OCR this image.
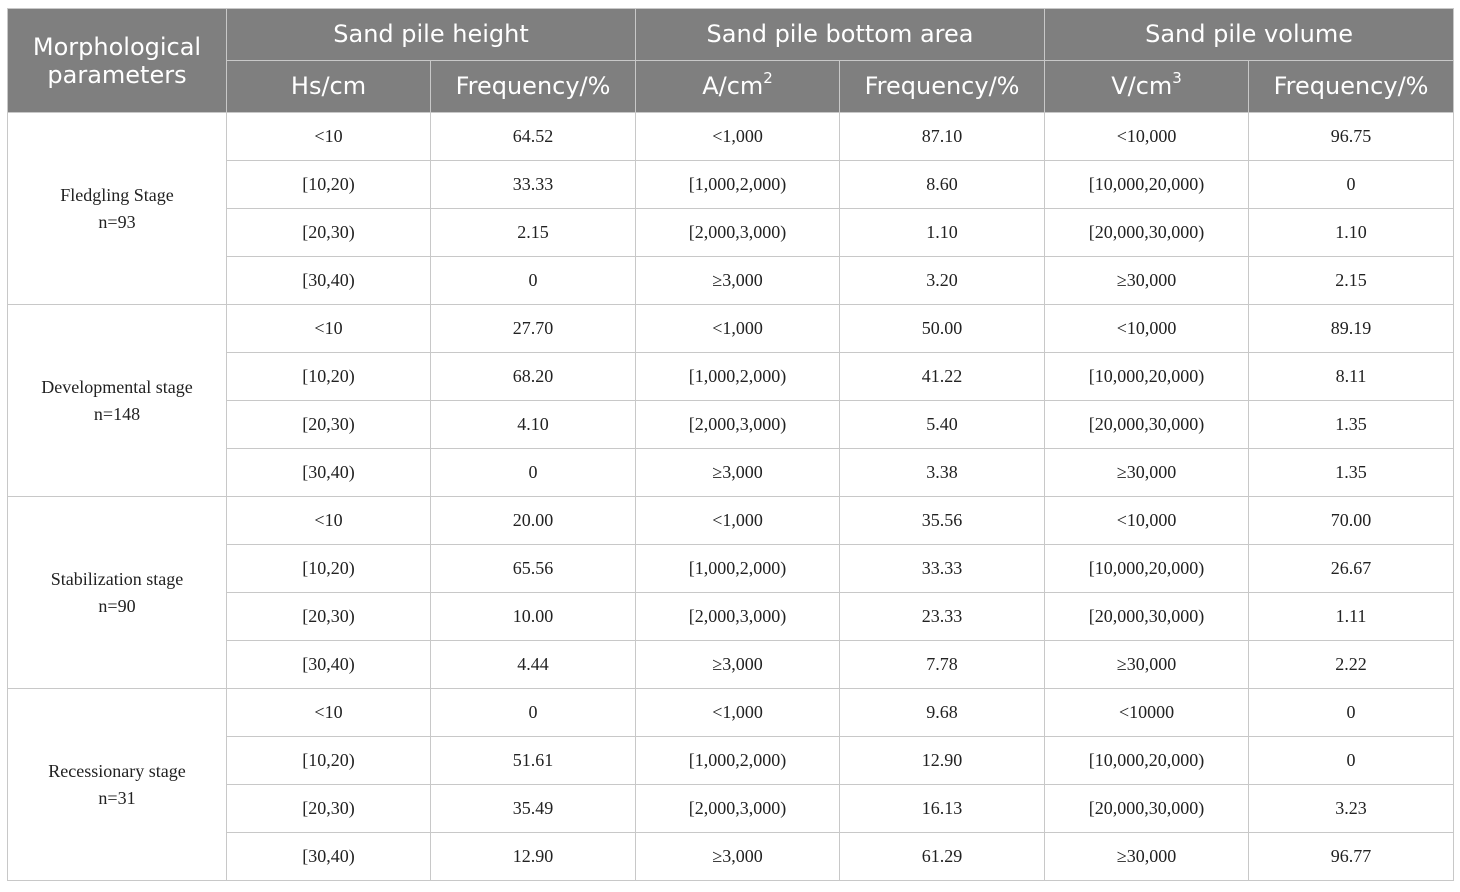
Morphological parameters	Sand pile height		Sand pile bottom area		Sand pile volume	
	Hs/cm	Frequency/%	$A/cm^2$	Frequency/%	$V/cm^3$	Frequency/%

Fledgling Stage
n=93	<10	64.52	<1,000	87.10	<10,000	96.75
	[10,20)	33.33	[1,000,2,000)	8.60	[10,000,20,000)	0
	[20,30)	2.15	[2,000,3,000)	1.10	[20,000,30,000)	1.10
	[30,40)	0	≥3,000	3.20	≥30,000	2.15

Developmental stage
n=148	<10	27.70	<1,000	50.00	<10,000	89.19
	[10,20)	68.20	[1,000,2,000)	41.22	[10,000,20,000)	8.11
	[20,30)	4.10	[2,000,3,000)	5.40	[20,000,30,000)	1.35
	[30,40)	0	≥3,000	3.38	≥30,000	1.35

Stabilization stage
n=90	<10	20.00	<1,000	35.56	<10,000	70.00
	[10,20)	65.56	[1,000,2,000)	33.33	[10,000,20,000)	26.67
	[20,30)	10.00	[2,000,3,000)	23.33	[20,000,30,000)	1.11
	[30,40)	4.44	≥3,000	7.78	≥30,000	2.22

Recessionary stage
n=31	<10	0	<1,000	9.68	<10000	0
	[10,20)	51.61	[1,000,2,000)	12.90	[10,000,20,000)	0
	[20,30)	35.49	[2,000,3,000)	16.13	[20,000,30,000)	3.23
	[30,40)	12.90	≥3,000	61.29	≥30,000	96.77
